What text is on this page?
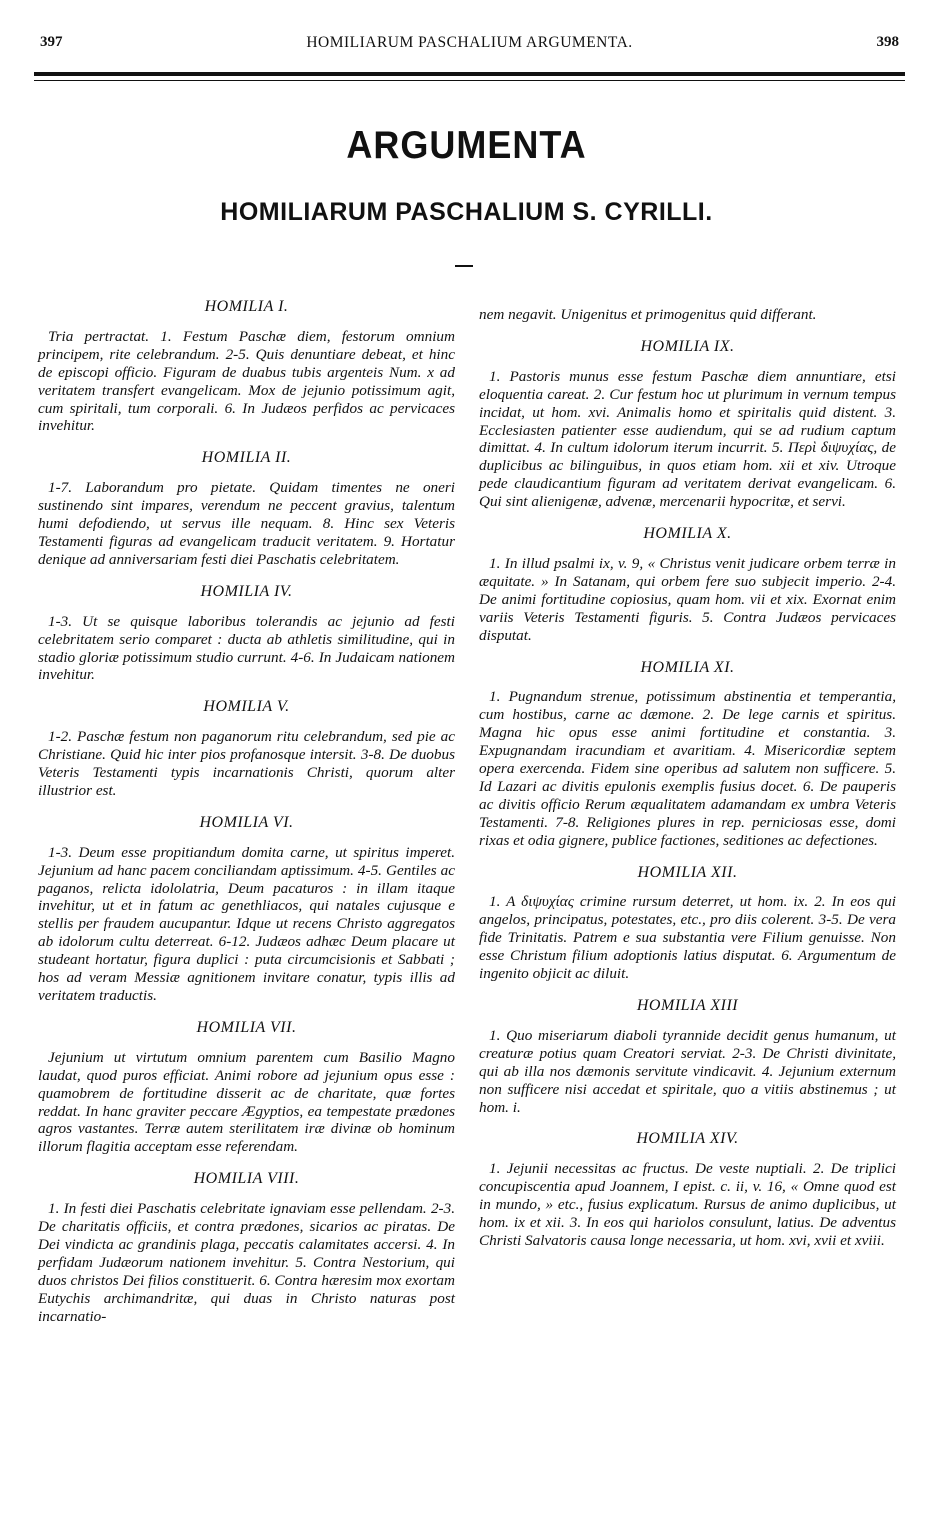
397	HOMILIARUM PASCHALIUM ARGUMENTA.	398
ARGUMENTA
HOMILIARUM PASCHALIUM S. CYRILLI.
HOMILIA I.

Tria pertractat. 1. Festum Paschæ diem, festorum omnium principem, rite celebrandum. 2-5. Quis denuntiare debeat, et hinc de episcopi officio. Figuram de duabus tubis argenteis Num. x ad veritatem transfert evangelicam. Mox de jejunio potissimum agit, cum spiritali, tum corporali. 6. In Judæos perfidos ac pervicaces invehitur.

HOMILIA II.

1-7. Laborandum pro pietate. Quidam timentes ne oneri sustinendo sint impares, verendum ne peccent gravius, talentum humi defodiendo, ut servus ille nequam. 8. Hinc sex Veteris Testamenti figuras ad evangelicam traducit veritatem. 9. Hortatur denique ad anniversariam festi diei Paschatis celebritatem.

HOMILIA IV.

1-3. Ut se quisque laboribus tolerandis ac jejunio ad festi celebritatem serio comparet : ducta ab athletis similitudine, qui in stadio gloriæ potissimum studio currunt. 4-6. In Judaicam nationem invehitur.

HOMILIA V.

1-2. Paschæ festum non paganorum ritu celebrandum, sed pie ac Christiane. Quid hic inter pios profanosque intersit. 3-8. De duobus Veteris Testamenti typis incarnationis Christi, quorum alter illustrior est.

HOMILIA VI.

1-3. Deum esse propitiandum domita carne, ut spiritus imperet. Jejunium ad hanc pacem conciliandam aptissimum. 4-5. Gentiles ac paganos, relicta idololatria, Deum pacaturos : in illam itaque invehitur, ut et in fatum ac genethliacos, qui natales cujusque e stellis per fraudem aucupantur. Idque ut recens Christo aggregatos ab idolorum cultu deterreat. 6-12. Judæos adhæc Deum placare ut studeant hortatur, figura duplici : puta circumcisionis et Sabbati ; hos ad veram Messiæ agnitionem invitare conatur, typis illis ad veritatem traductis.

HOMILIA VII.

Jejunium ut virtutum omnium parentem cum Basilio Magno laudat, quod puros efficiat. Animi robore ad jejunium opus esse : quamobrem de fortitudine disserit ac de charitate, quæ fortes reddat. In hanc graviter peccare Ægyptios, ea tempestate prædones agros vastantes. Terræ autem sterilitatem iræ divinæ ob hominum illorum flagitia acceptam esse referendam.

HOMILIA VIII.

1. In festi diei Paschatis celebritate ignaviam esse pellendam. 2-3. De charitatis officiis, et contra prædones, sicarios ac piratas. De Dei vindicta ac grandinis plaga, peccatis calamitates accersi. 4. In perfidam Judæorum nationem invehitur. 5. Contra Nestorium, qui duos christos Dei filios constituerit. 6. Contra hæresim mox exortam Eutychis archimandritæ, qui duas in Christo naturas post incarnatio-

nem negavit. Unigenitus et primogenitus quid differant.

HOMILIA IX.

1. Pastoris munus esse festum Paschæ diem annuntiare, etsi eloquentia careat. 2. Cur festum hoc ut plurimum in vernum tempus incidat, ut hom. xvi. Animalis homo et spiritalis quid distent. 3. Ecclesiasten patienter esse audiendum, qui se ad rudium captum dimittat. 4. In cultum idolorum iterum incurrit. 5. Περὶ διψυχίας, de duplicibus ac bilinguibus, in quos etiam hom. xii et xiv. Utroque pede claudicantium figuram ad veritatem derivat evangelicam. 6. Qui sint alienigenæ, advenæ, mercenarii hypocritæ, et servi.

HOMILIA X.

1. In illud psalmi ix, v. 9, « Christus venit judicare orbem terræ in æquitate. » In Satanam, qui orbem fere suo subjecit imperio. 2-4. De animi fortitudine copiosius, quam hom. vii et xix. Exornat enim variis Veteris Testamenti figuris. 5. Contra Judæos pervicaces disputat.

HOMILIA XI.

1. Pugnandum strenue, potissimum abstinentia et temperantia, cum hostibus, carne ac dæmone. 2. De lege carnis et spiritus. Magna hic opus esse animi fortitudine et constantia. 3. Expugnandam iracundiam et avaritiam. 4. Misericordiæ septem opera exercenda. Fidem sine operibus ad salutem non sufficere. 5. Id Lazari ac divitis epulonis exemplis fusius docet. 6. De pauperis ac divitis officio Rerum æqualitatem adamandam ex umbra Veteris Testamenti. 7-8. Religiones plures in rep. perniciosas esse, domi rixas et odia gignere, publice factiones, seditiones ac defectiones.

HOMILIA XII.

1. A διψυχίας crimine rursum deterret, ut hom. ix. 2. In eos qui angelos, principatus, potestates, etc., pro diis colerent. 3-5. De vera fide Trinitatis. Patrem e sua substantia vere Filium genuisse. Non esse Christum filium adoptionis latius disputat. 6. Argumentum de ingenito objicit ac diluit.

HOMILIA XIII

1. Quo miseriarum diaboli tyrannide decidit genus humanum, ut creaturæ potius quam Creatori serviat. 2-3. De Christi divinitate, qui ab illa nos dæmonis servitute vindicavit. 4. Jejunium externum non sufficere nisi accedat et spiritale, quo a vitiis abstinemus ; ut hom. i.

HOMILIA XIV.

1. Jejunii necessitas ac fructus. De veste nuptiali. 2. De triplici concupiscentia apud Joannem, I epist. c. ii, v. 16, « Omne quod est in mundo, » etc., fusius explicatum. Rursus de animo duplicibus, ut hom. ix et xii. 3. In eos qui hariolos consulunt, latius. De adventus Christi Salvatoris causa longe necessaria, ut hom. xvi, xvii et xviii.
